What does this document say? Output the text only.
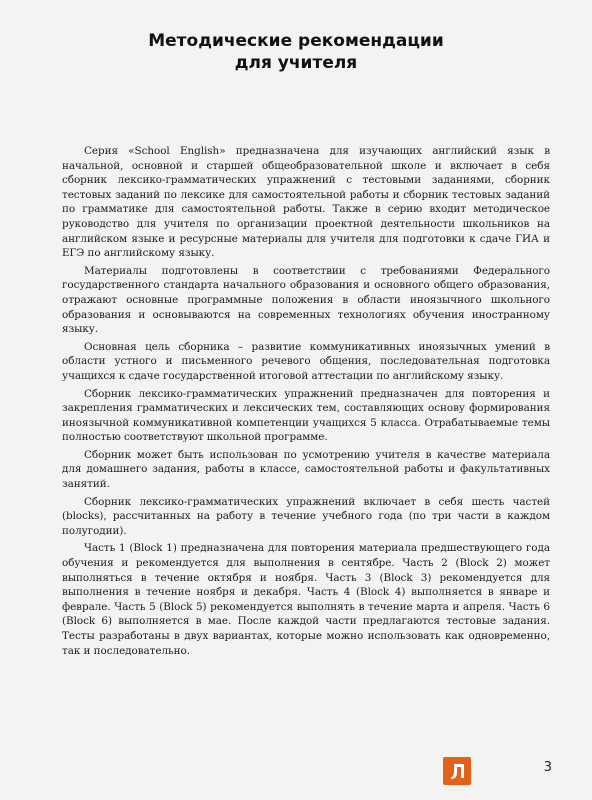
Методические рекомендации
для учителя

Серия «School English» предназначена для изучающих английский язык в начальной, основной и старшей общеобразовательной школе и включает в себя сборник лексико-грамматических упражнений с тестовыми заданиями, сборник тестовых заданий по лексике для самостоятельной работы и сборник тестовых заданий по грамматике для самостоятельной работы. Также в серию входит методическое руководство для учителя по организации проектной деятельности школьников на английском языке и ресурсные материалы для учителя для подготовки к сдаче ГИА и ЕГЭ по английскому языку.

Материалы подготовлены в соответствии с требованиями Федерального государственного стандарта начального образования и основного общего образования, отражают основные программные положения в области иноязычного школьного образования и основываются на современных технологиях обучения иностранному языку.

Основная цель сборника – развитие коммуникативных иноязычных умений в области устного и письменного речевого общения, последовательная подготовка учащихся к сдаче государственной итоговой аттестации по английскому языку.

Сборник лексико-грамматических упражнений предназначен для повторения и закрепления грамматических и лексических тем, составляющих основу формирования иноязычной коммуникативной компетенции учащихся 5 класса. Отрабатываемые темы полностью соответствуют школьной программе.

Сборник может быть использован по усмотрению учителя в качестве материала для домашнего задания, работы в классе, самостоятельной работы и факультативных занятий.

Сборник лексико-грамматических упражнений включает в себя шесть частей (blocks), рассчитанных на работу в течение учебного года (по три части в каждом полугодии).

Часть 1 (Block 1) предназначена для повторения материала предшествующего года обучения и рекомендуется для выполнения в сентябре. Часть 2 (Block 2) может выполняться в течение октября и ноября. Часть 3 (Block 3) рекомендуется для выполнения в течение ноября и декабря. Часть 4 (Block 4) выполняется в январе и феврале. Часть 5 (Block 5) рекомендуется выполнять в течение марта и апреля. Часть 6 (Block 6) выполняется в мае. После каждой части предлагаются тестовые задания. Тесты разработаны в двух вариантах, которые можно использовать как одновременно, так и последовательно.

3
